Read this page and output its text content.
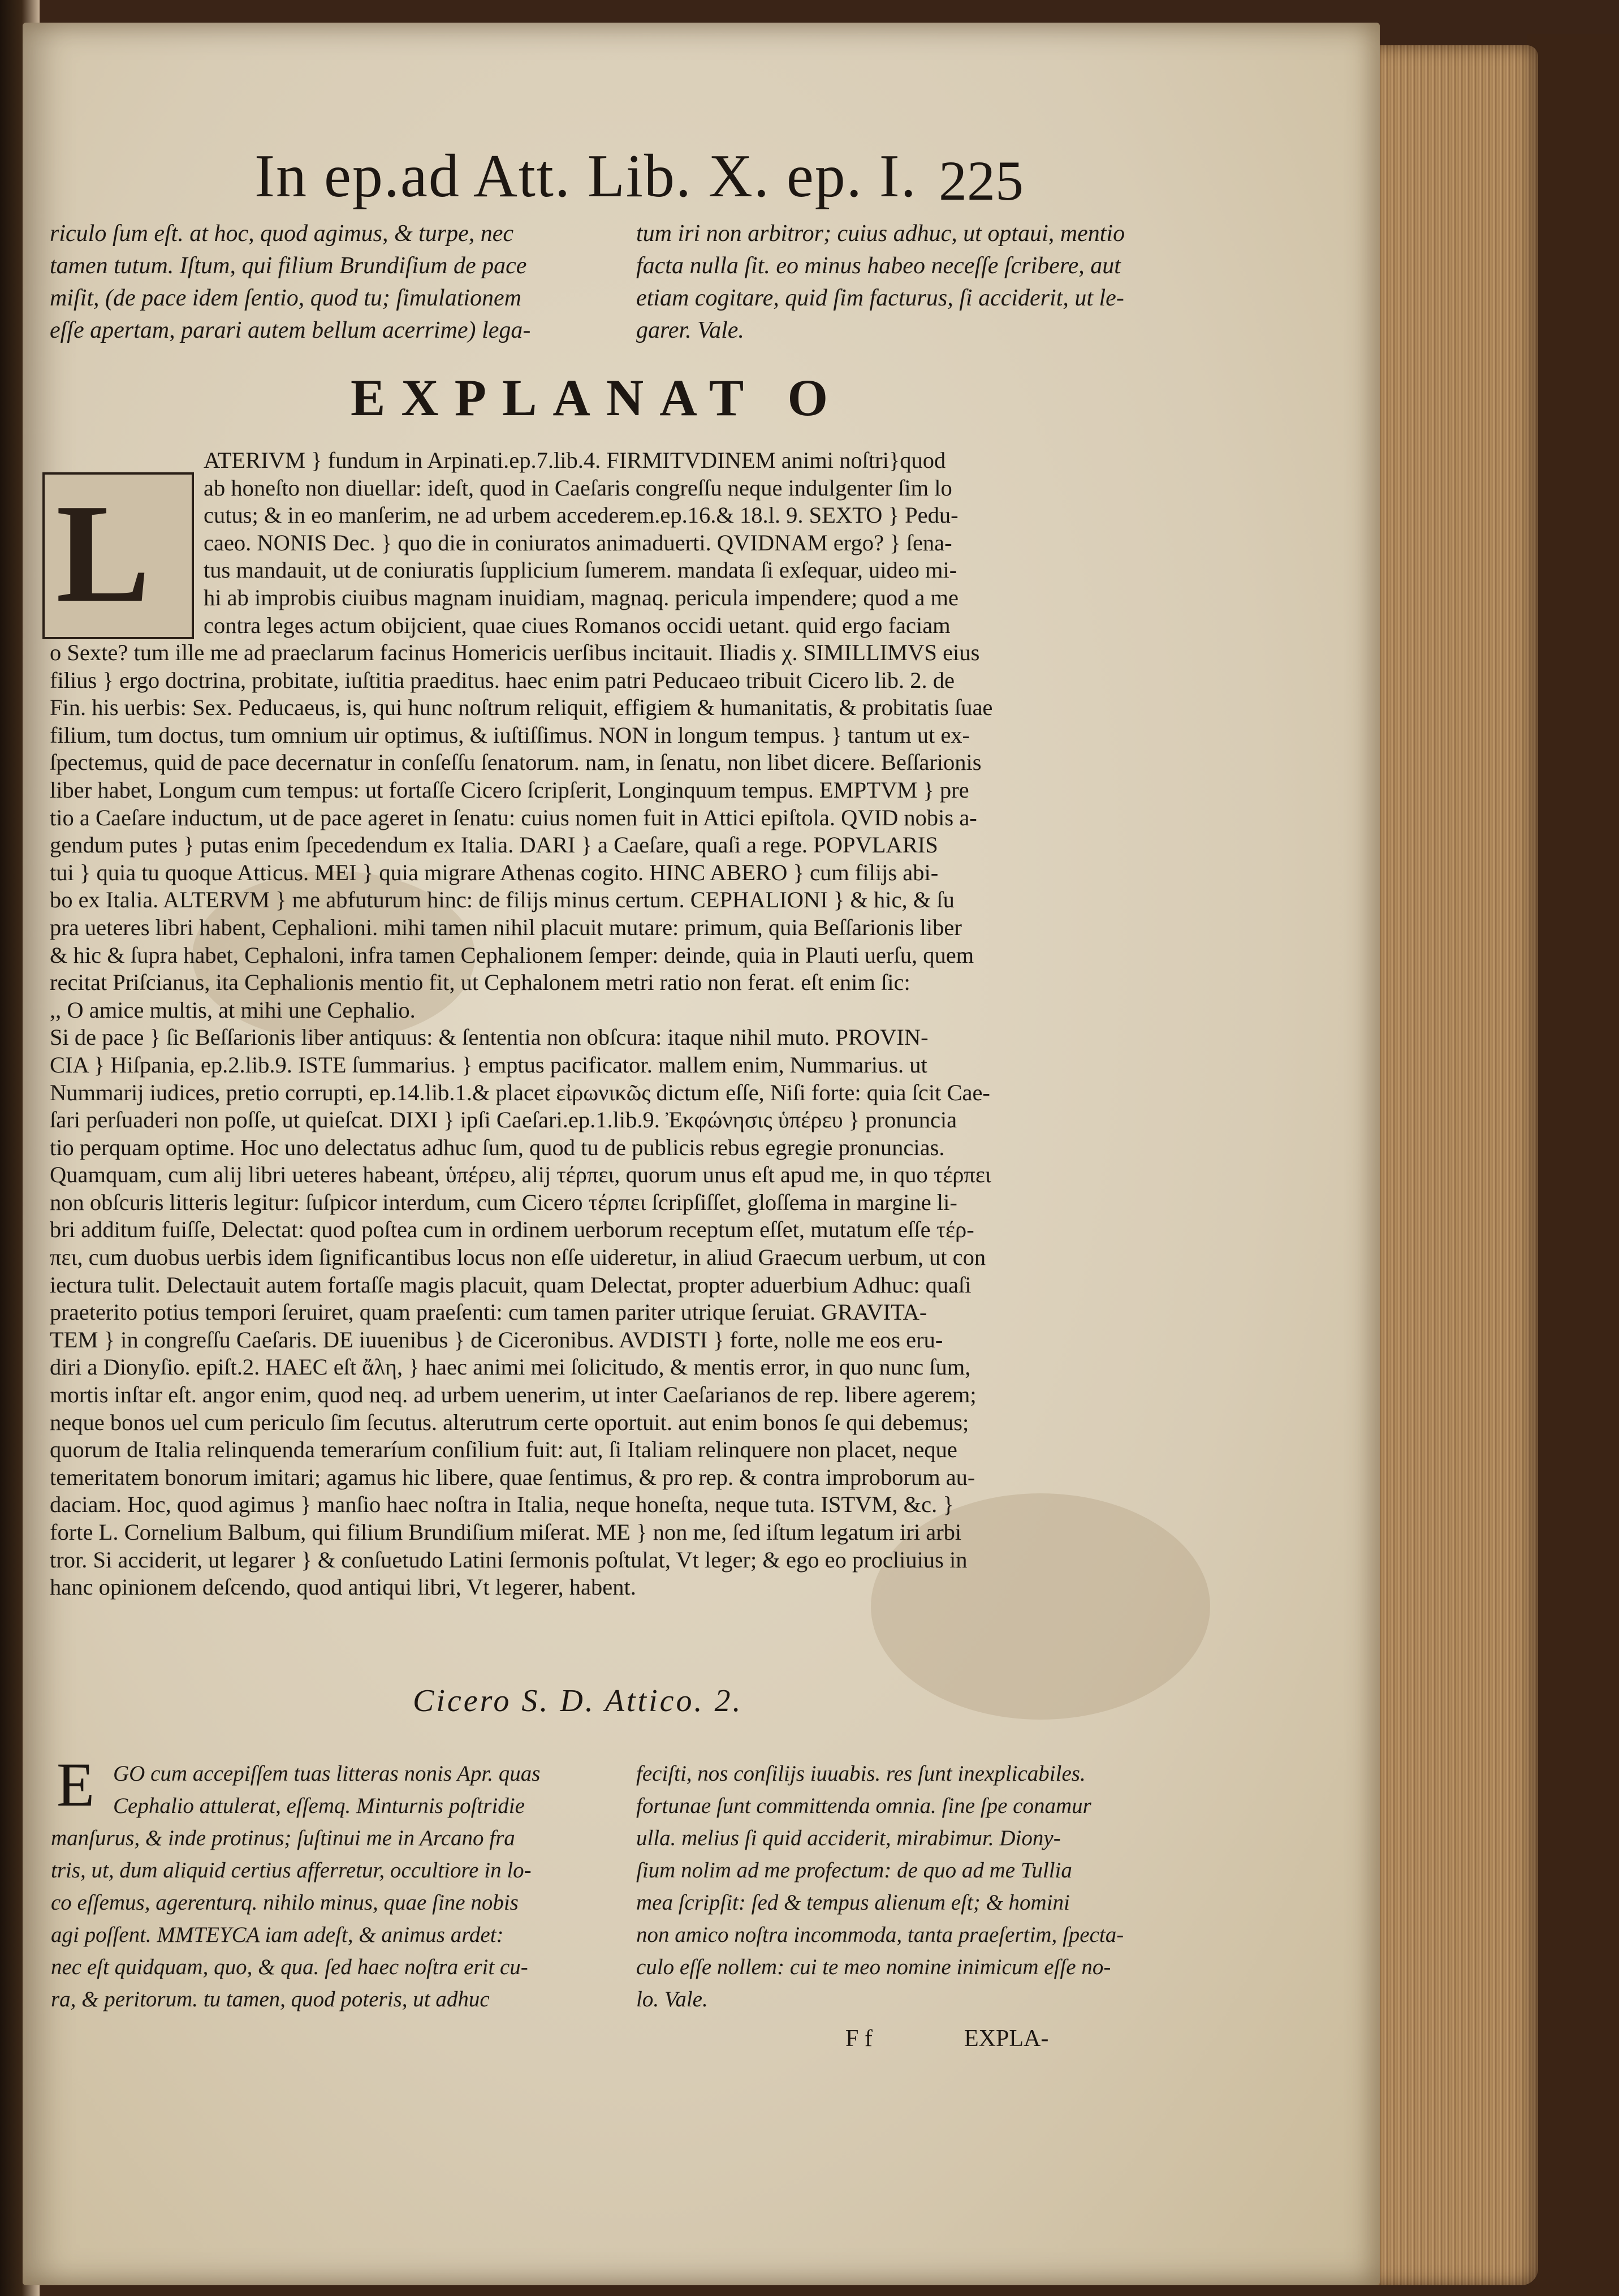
In ep.ad Att. Lib. X. ep. I. 225
riculo ſum eſt. at hoc, quod agimus, & turpe, nec
tamen tutum. Iſtum, qui filium Brundiſium de pace
miſit, (de pace idem ſentio, quod tu; ſimulationem
eſſe apertam, parari autem bellum acerrime) lega-
tum iri non arbitror; cuius adhuc, ut optaui, mentio
facta nulla ſit. eo minus habeo neceſſe ſcribere, aut
etiam cogitare, quid ſim facturus, ſi acciderit, ut le-
garer. Vale.
EXPLANAT O
L
ATERIVM } fundum in Arpinati.ep.7.lib.4. FIRMITVDINEM animi noſtri}quod
ab honeſto non diuellar: ideſt, quod in Caeſaris congreſſu neque indulgenter ſim lo
cutus; & in eo manſerim, ne ad urbem accederem.ep.16.& 18.l. 9. SEXTO } Pedu-
caeo. NONIS Dec. } quo die in coniuratos animaduerti. QVIDNAM ergo? } ſena-
tus mandauit, ut de coniuratis ſupplicium ſumerem. mandata ſi exſequar, uideo mi-
hi ab improbis ciuibus magnam inuidiam, magnaq. pericula impendere; quod a me
contra leges actum obijcient, quae ciues Romanos occidi uetant. quid ergo faciam
o Sexte? tum ille me ad praeclarum facinus Homericis uerſibus incitauit. Iliadis χ. SIMILLIMVS eius
filius } ergo doctrina, probitate, iuſtitia praeditus. haec enim patri Peducaeo tribuit Cicero lib. 2. de
Fin. his uerbis: Sex. Peducaeus, is, qui hunc noſtrum reliquit, effigiem & humanitatis, & probitatis ſuae
filium, tum doctus, tum omnium uir optimus, & iuſtiſſimus. NON in longum tempus. } tantum ut ex-
ſpectemus, quid de pace decernatur in conſeſſu ſenatorum. nam, in ſenatu, non libet dicere. Beſſarionis
liber habet, Longum cum tempus: ut fortaſſe Cicero ſcripſerit, Longinquum tempus. EMPTVM } pre
tio a Caeſare inductum, ut de pace ageret in ſenatu: cuius nomen fuit in Attici epiſtola. QVID nobis a-
gendum putes } putas enim ſpecedendum ex Italia. DARI } a Caeſare, quaſi a rege. POPVLARIS
tui } quia tu quoque Atticus. MEI } quia migrare Athenas cogito. HINC ABERO } cum filijs abi-
bo ex Italia. ALTERVM } me abfuturum hinc: de filijs minus certum. CEPHALIONI } & hic, & ſu
pra ueteres libri habent, Cephalioni. mihi tamen nihil placuit mutare: primum, quia Beſſarionis liber
& hic & ſupra habet, Cephaloni, infra tamen Cephalionem ſemper: deinde, quia in Plauti uerſu, quem
recitat Priſcianus, ita Cephalionis mentio fit, ut Cephalonem metri ratio non ferat. eſt enim ſic:
,, O amice multis, at mihi une Cephalio.
Si de pace } ſic Beſſarionis liber antiquus: & ſententia non obſcura: itaque nihil muto. PROVIN-
CIA } Hiſpania, ep.2.lib.9. ISTE ſummarius. } emptus pacificator. mallem enim, Nummarius. ut
Nummarij iudices, pretio corrupti, ep.14.lib.1.& placet εἰρωνικῶς dictum eſſe, Niſi forte: quia ſcit Cae-
ſari perſuaderi non poſſe, ut quieſcat. DIXI } ipſi Caeſari.ep.1.lib.9. Ἐκφώνησις ὑπέρευ } pronuncia
tio perquam optime. Hoc uno delectatus adhuc ſum, quod tu de publicis rebus egregie pronuncias.
Quamquam, cum alij libri ueteres habeant, ὑπέρευ, alij τέρπει, quorum unus eſt apud me, in quo τέρπει
non obſcuris litteris legitur: ſuſpicor interdum, cum Cicero τέρπει ſcripſiſſet, gloſſema in margine li-
bri additum fuiſſe, Delectat: quod poſtea cum in ordinem uerborum receptum eſſet, mutatum eſſe τέρ-
πει, cum duobus uerbis idem ſignificantibus locus non eſſe uideretur, in aliud Graecum uerbum, ut con
iectura tulit. Delectauit autem fortaſſe magis placuit, quam Delectat, propter aduerbium Adhuc: quaſi
praeterito potius tempori ſeruiret, quam praeſenti: cum tamen pariter utrique ſeruiat. GRAVITA-
TEM } in congreſſu Caeſaris. DE iuuenibus } de Ciceronibus. AVDISTI } forte, nolle me eos eru-
diri a Dionyſio. epiſt.2. HAEC eſt ἄλη, } haec animi mei ſolicitudo, & mentis error, in quo nunc ſum,
mortis inſtar eſt. angor enim, quod neq. ad urbem uenerim, ut inter Caeſarianos de rep. libere agerem;
neque bonos uel cum periculo ſim ſecutus. alterutrum certe oportuit. aut enim bonos ſe qui debemus;
quorum de Italia relinquenda temeraríum conſilium fuit: aut, ſi Italiam relinquere non placet, neque
temeritatem bonorum imitari; agamus hic libere, quae ſentimus, & pro rep. & contra improborum au-
daciam. Hoc, quod agimus } manſio haec noſtra in Italia, neque honeſta, neque tuta. ISTVM, &c. }
forte L. Cornelium Balbum, qui filium Brundiſium miſerat. ME } non me, ſed iſtum legatum iri arbi
tror. Si acciderit, ut legarer } & conſuetudo Latini ſermonis poſtulat, Vt leger; & ego eo procliuius in
hanc opinionem deſcendo, quod antiqui libri, Vt legerer, habent.
Cicero S. D. Attico. 2.
E GO cum accepiſſem tuas litteras nonis Apr. quas
Cephalio attulerat, eſſemq. Minturnis poſtridie
manſurus, & inde protinus; ſuſtinui me in Arcano fra
tris, ut, dum aliquid certius afferretur, occultiore in lo-
co eſſemus, agerenturq. nihilo minus, quae ſine nobis
agi poſſent. ΜΜΤΕΥCA iam adeſt, & animus ardet:
nec eſt quidquam, quo, & qua. ſed haec noſtra erit cu-
ra, & peritorum. tu tamen, quod poteris, ut adhuc
feciſti, nos conſilijs iuuabis. res ſunt inexplicabiles.
fortunae ſunt committenda omnia. ſine ſpe conamur
ulla. melius ſi quid acciderit, mirabimur. Diony-
ſium nolim ad me profectum: de quo ad me Tullia
mea ſcripſit: ſed & tempus alienum eſt; & homini
non amico noſtra incommoda, tanta praeſertim, ſpecta-
culo eſſe nollem: cui te meo nomine inimicum eſſe no-
lo. Vale.
F f	EXPLA-
